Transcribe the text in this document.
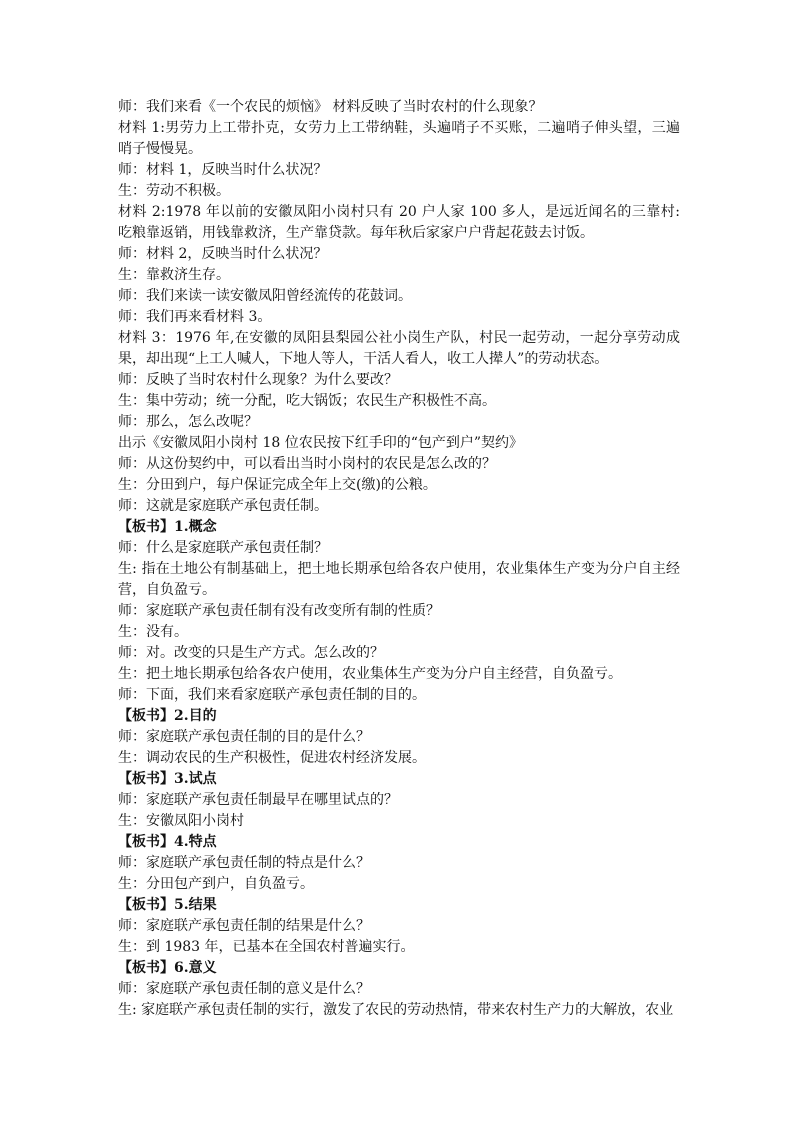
师：我们来看《一个农民的烦恼》 材料反映了当时农村的什么现象？

材料 1:男劳力上工带扑克，女劳力上工带纳鞋，头遍哨子不买账，二遍哨子伸头望，三遍哨子慢慢晃。

师：材料 1，反映当时什么状况？

生：劳动不积极。

材料 2:1978 年以前的安徽凤阳小岗村只有 20 户人家 100 多人，是远近闻名的三靠村: 吃粮靠返销，用钱靠救济，生产靠贷款。每年秋后家家户户背起花鼓去讨饭。

师：材料 2，反映当时什么状况？

生：靠救济生存。

师：我们来读一读安徽凤阳曾经流传的花鼓词。

师：我们再来看材料 3。

材料 3：1976 年,在安徽的凤阳县梨园公社小岗生产队，村民一起劳动，一起分享劳动成果，却出现“上工人喊人，下地人等人，干活人看人，收工人撵人”的劳动状态。

师：反映了当时农村什么现象？为什么要改？

生：集中劳动；统一分配，吃大锅饭；农民生产积极性不高。

师：那么，怎么改呢？

出示《安徽凤阳小岗村 18 位农民按下红手印的“包产到户”契约》

师：从这份契约中，可以看出当时小岗村的农民是怎么改的？

生：分田到户，每户保证完成全年上交(缴)的公粮。

师：这就是家庭联产承包责任制。

【板书】1.概念

师：什么是家庭联产承包责任制？

生: 指在土地公有制基础上，把土地长期承包给各农户使用，农业集体生产变为分户自主经营，自负盈亏。

师：家庭联产承包责任制有没有改变所有制的性质？

生：没有。

师：对。改变的只是生产方式。怎么改的？

生：把土地长期承包给各农户使用，农业集体生产变为分户自主经营，自负盈亏。

师：下面，我们来看家庭联产承包责任制的目的。

【板书】2.目的

师：家庭联产承包责任制的目的是什么？

生：调动农民的生产积极性，促进农村经济发展。

【板书】3.试点

师：家庭联产承包责任制最早在哪里试点的？

生：安徽凤阳小岗村

【板书】4.特点

师：家庭联产承包责任制的特点是什么？

生：分田包产到户，自负盈亏。

【板书】5.结果

师：家庭联产承包责任制的结果是什么？

生：到 1983 年，已基本在全国农村普遍实行。

【板书】6.意义

师：家庭联产承包责任制的意义是什么？

生: 家庭联产承包责任制的实行，激发了农民的劳动热情，带来农村生产力的大解放，农业
